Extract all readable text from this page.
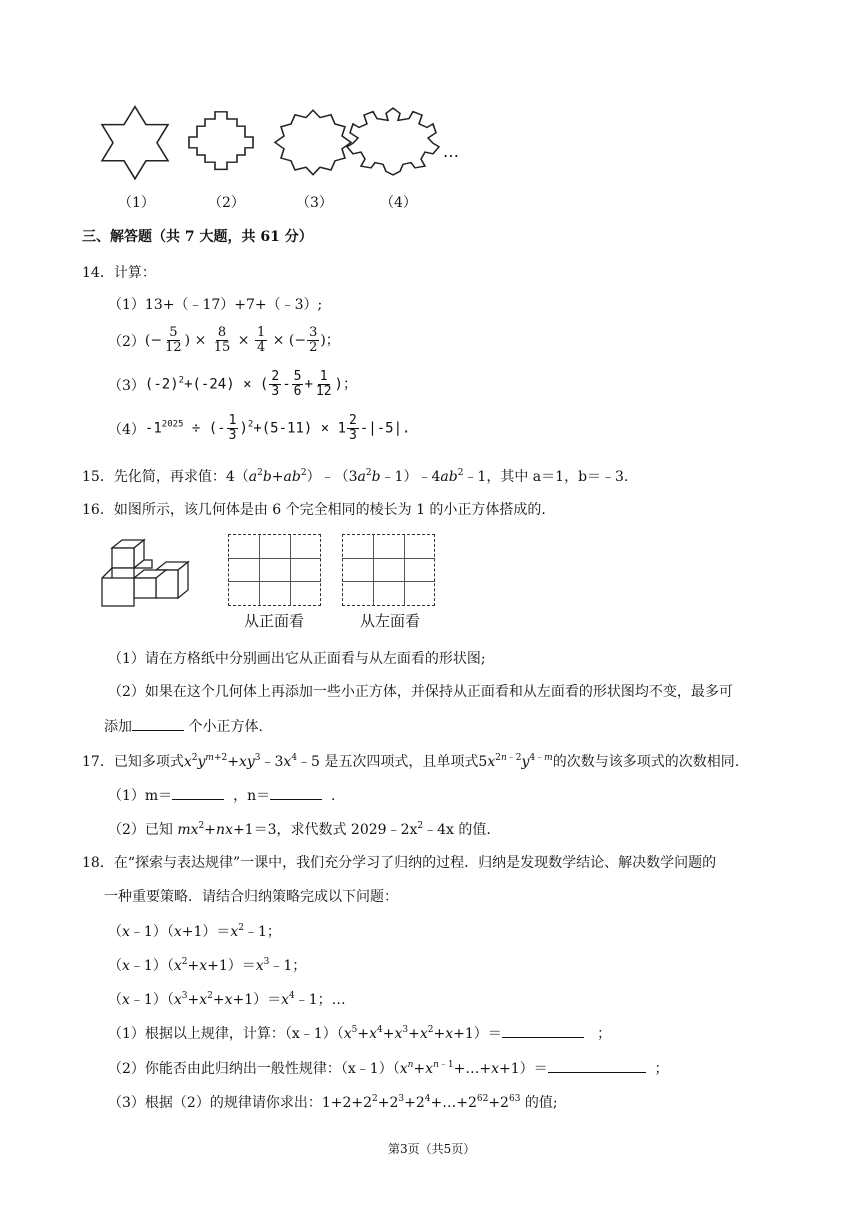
…
（1）	（2）	（3）	（4）
三、解答题（共 7 大题，共 61 分）
14．计算：
（1）13+（﹣17）+7+（﹣3）;
（2） (− $\frac{5}{12}$ ) × $\frac{8}{15} \times \frac{1}{4}$ × (− $\frac{3}{2}$ )；
（3） $(-2)^2+(-24)$ × ( $\frac{2}{3} - \frac{5}{6} + \frac{1}{12}$ )；
（4） $-1^{2025}$ ÷ (- $\frac{1}{3} )^2+(5-11) \times 1 \frac{2}{3} -|-5|$.
15．先化简，再求值：$4(a^2b+ab^2)﹣(3a^2b﹣1)﹣4ab^2﹣1$，其中 a＝1，b＝﹣3.
16．如图所示，该几何体是由 6 个完全相同的棱长为 1 的小正方体搭成的.
从正面看	从左面看
（1）请在方格纸中分别画出它从正面看与从左面看的形状图;
（2）如果在这个几何体上再添加一些小正方体，并保持从正面看和从左面看的形状图均不变，最多可
添加	个小正方体.
17．已知多项式$x^2y^{m+2}+xy^3﹣3x^4﹣5$ 是五次四项式，且单项式$5x^{2n﹣2}y^{4﹣m}$的次数与该多项式的次数相同.
（1）m＝	，n＝	.
（2）已知 $mx^2+nx+1=3$，求代数式 $2029﹣2x^2﹣4x$ 的值.
18．在“探索与表达规律”一课中，我们充分学习了归纳的过程．归纳是发现数学结论、解决数学问题的
一种重要策略．请结合归纳策略完成以下问题：
$(x﹣1)(x+1)=x^2﹣1$；
$(x﹣1)(x^2+x+1)=x^3﹣1$；
$(x﹣1)(x^3+x^2+x+1)=x^4﹣1$；…
（1）根据以上规律，计算：$(x﹣1)(x^5+x^4+x^3+x^2+x+1)=$	；
（2）你能否由此归纳出一般性规律：$(x﹣1)(x^n+x^{n﹣1}+\dots+x+1)=$	；
（3）根据（2）的规律请你求出：$1+2+2^2+2^3+2^4+\dots+2^{62}+2^{63}$ 的值;
第3页（共5页）
